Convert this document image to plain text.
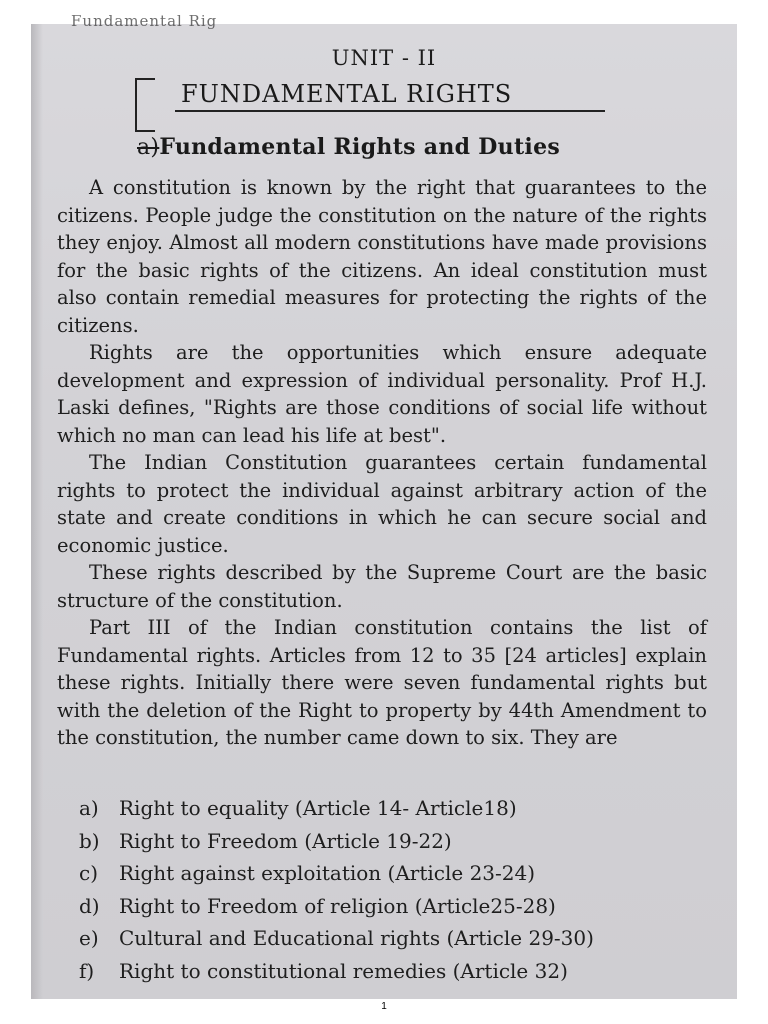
Fundamental Rig
UNIT - II
FUNDAMENTAL RIGHTS
a)Fundamental Rights and Duties

A constitution is known by the right that guarantees to the citizens. People judge the constitution on the nature of the rights they enjoy. Almost all modern constitutions have made provisions for the basic rights of the citizens. An ideal constitution must also contain remedial measures for protecting the rights of the citizens.

Rights are the opportunities which ensure adequate development and expression of individual personality. Prof H.J. Laski defines, "Rights are those conditions of social life without which no man can lead his life at best".

The Indian Constitution guarantees certain fundamental rights to protect the individual against arbitrary action of the state and create conditions in which he can secure social and economic justice.

These rights described by the Supreme Court are the basic structure of the constitution.

Part III of the Indian constitution contains the list of Fundamental rights. Articles from 12 to 35 [24 articles] explain these rights. Initially there were seven fundamental rights but with the deletion of the Right to property by 44th Amendment to the constitution, the number came down to six. They are

a) Right to equality (Article 14- Article18)
b) Right to Freedom (Article 19-22)
c) Right against exploitation (Article 23-24)
d) Right to Freedom of religion (Article25-28)
e) Cultural and Educational rights (Article 29-30)
f) Right to constitutional remedies (Article 32)
1
